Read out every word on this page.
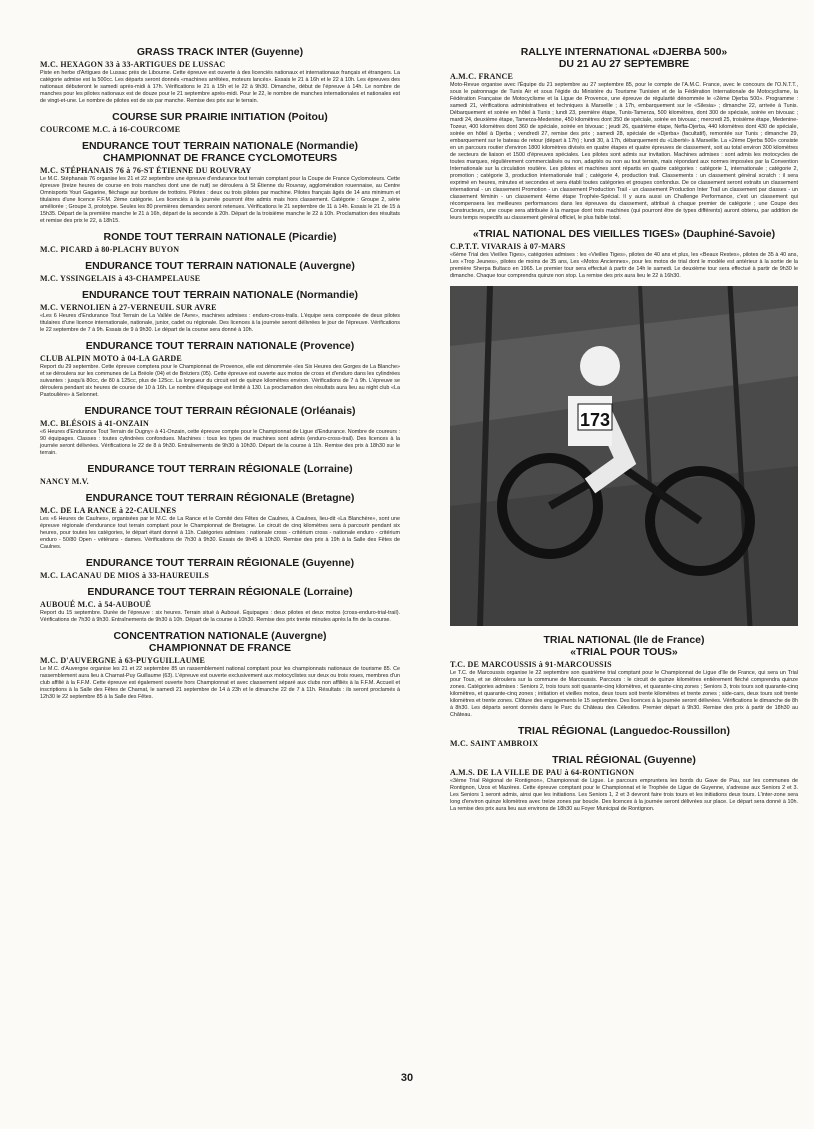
GRASS TRACK INTER (Guyenne)
M.C. HEXAGON 33 à 33-ARTIGUES DE LUSSAC

Piste en herbe d'Artigues de Lussac près de Libourne. Cette épreuve est ouverte à des licenciés nationaux et internationaux français et étrangers. La catégorie admise est la 500cc. Les départs seront donnés «machines arrêtées, moteurs lancés». Essais le 21 à 16h et le 22 à 10h. Les épreuves des nationaux débuteront le samedi après-midi à 17h. Vérifications le 21 à 15h et le 22 à 9h30. Dimanche, début de l'épreuve à 14h. Le nombre de manches pour les pilotes nationaux est de douze pour le 21 septembre après-midi. Pour le 22, le nombre de manches internationales et nationales est de vingt-et-une. Le nombre de pilotes est de six par manche. Remise des prix sur le terrain.

COURSE SUR PRAIRIE INITIATION (Poitou)
COURCOME M.C. à 16-COURCOME
ENDURANCE TOUT TERRAIN NATIONALE (Normandie)
CHAMPIONNAT DE FRANCE CYCLOMOTEURS
M.C. STÉPHANAIS 76 à 76-ST ÉTIENNE DU ROUVRAY

Le M.C. Stéphanais 76 organise les 21 et 22 septembre une épreuve d'endurance tout terrain comptant pour la Coupe de France Cyclomoteurs. Cette épreuve (treize heures de course en trois manches dont une de nuit) se déroulera à St Étienne du Rouvray, agglomération rouennaise, au Centre Omnisports Youri Gagarine, fléchage sur bordure de trottoirs. Pilotes : deux ou trois pilotes par machine. Pilotes français âgés de 14 ans minimum et titulaires d'une licence F.F.M. 2ème catégorie. Les licenciés à la journée pourront être admis mais hors classement. Catégorie : Groupe 2, série améliorée ; Groupe 3, prototype. Seules les 80 premières demandes seront retenues. Vérifications le 21 septembre de 11 à 14h. Essais le 21 de 15 à 15h35. Départ de la première manche le 21 à 16h, départ de la seconde à 20h. Départ de la troisième manche le 22 à 10h. Proclamation des résultats et remise des prix le 22, à 18h15.

RONDE TOUT TERRAIN NATIONALE (Picardie)
M.C. PICARD à 80-PLACHY BUYON
ENDURANCE TOUT TERRAIN NATIONALE (Auvergne)
M.C. YSSINGELAIS à 43-CHAMPELAUSE
ENDURANCE TOUT TERRAIN NATIONALE (Normandie)
M.C. VERNOLIEN à 27-VERNEUIL SUR AVRE

«Les 6 Heures d'Endurance Tout Terrain de La Vallée de l'Avre», machines admises : enduro-cross-trails. L'équipe sera composée de deux pilotes titulaires d'une licence internationale, nationale, junior, cadet ou régionale. Des licences à la journée seront délivrées le jour de l'épreuve. Vérifications le 22 septembre de 7 à 9h. Essais de 9 à 9h30. Le départ de la course sera donné à 10h.

ENDURANCE TOUT TERRAIN NATIONALE (Provence)
CLUB ALPIN MOTO à 04-LA GARDE

Report du 29 septembre. Cette épreuve comptera pour le Championnat de Provence, elle est dénommée «les Six Heures des Gorges de La Blanche» et se déroulera sur les communes de La Bréole (04) et de Bréziers (05). Cette épreuve est ouverte aux motos de cross et d'enduro dans les cylindrées suivantes : jusqu'à 80cc, de 80 à 125cc, plus de 125cc. La longueur du circuit est de quinze kilomètres environ. Vérifications de 7 à 9h. L'épreuve se déroulera pendant six heures de course de 10 à 16h. Le nombre d'équipage est limité à 130. La proclamation des résultats aura lieu au night club «La Pastoulière» à Selonnet.

ENDURANCE TOUT TERRAIN RÉGIONALE (Orléanais)
M.C. BLÉSOIS à 41-ONZAIN

«6 Heures d'Endurance Tout Terrain de Dugny» à 41-Onzain, cette épreuve compte pour le Championnat de Ligue d'Endurance. Nombre de coureurs : 90 équipages. Classes : toutes cylindrées confondues. Machines : tous les types de machines sont admis (enduro-cross-trail). Des licences à la journée seront délivrées. Vérifications le 22 de 8 à 9h30. Entraînements de 9h30 à 10h30. Départ de la course à 11h. Remise des prix à 18h30 sur le terrain.

ENDURANCE TOUT TERRAIN RÉGIONALE (Lorraine)
NANCY M.V.
ENDURANCE TOUT TERRAIN RÉGIONALE (Bretagne)
M.C. DE LA RANCE à 22-CAULNES

Les «6 Heures de Caulnes», organisées par le M.C. de La Rance et le Comité des Fêtes de Caulnes, à Caulnes, lieu-dit «La Blanchère», sont une épreuve régionale d'endurance tout terrain comptant pour le Championnat de Bretagne. Le circuit de cinq kilomètres sera à parcourir pendant six heures, pour toutes les catégories, le départ étant donné à 11h. Catégories admises : nationale cross - critérium cross - nationale enduro - critérium enduro - 50/80 Open - vétérans - dames. Vérifications de 7h30 à 9h30. Essais de 9h45 à 10h30. Remise des prix à 19h à la Salle des Fêtes de Caulnes.

ENDURANCE TOUT TERRAIN RÉGIONALE (Guyenne)
M.C. LACANAU DE MIOS à 33-HAUREUILS
ENDURANCE TOUT TERRAIN RÉGIONALE (Lorraine)
AUBOUÉ M.C. à 54-AUBOUÉ

Report du 15 septembre. Durée de l'épreuve : six heures. Terrain situé à Auboué. Équipages : deux pilotes et deux motos (cross-enduro-trial-trail). Vérifications de 7h30 à 9h30. Entraînements de 9h30 à 10h. Départ de la course à 10h30. Remise des prix trente minutes après la fin de la course.

CONCENTRATION NATIONALE (Auvergne)
CHAMPIONNAT DE FRANCE
M.C. D'AUVERGNE à 63-PUYGUILLAUME

Le M.C. d'Auvergne organise les 21 et 22 septembre 85 un rassemblement national comptant pour les championnats nationaux de tourisme 85. Ce rassemblement aura lieu à Charnat-Puy Guillaume (63). L'épreuve est ouverte exclusivement aux motocyclistes sur deux ou trois roues, membres d'un club affilié à la F.F.M. Cette épreuve est également ouverte hors Championnat et avec classement séparé aux clubs non affiliés à la F.F.M. Accueil et inscriptions à la Salle des Fêtes de Charnat, le samedi 21 septembre de 14 à 23h et le dimanche 22 de 7 à 11h. Résultats : ils seront proclamés à 12h30 le 22 septembre 85 à la Salle des Fêtes.

RALLYE INTERNATIONAL «DJERBA 500»
DU 21 AU 27 SEPTEMBRE
A.M.C. FRANCE

Moto-Revue organise avec l'Équipe du 21 septembre au 27 septembre 85, pour le compte de l'A.M.C. France, avec le concours de l'O.N.T.T., sous le patronnage de Tunis Air et sous l'égide du Ministère du Tourisme Tunisien et de la Fédération Internationale de Motocyclisme, la Fédération Française de Motocyclisme et la Ligue de Provence, une épreuve de régularité dénommée le «2ème Djerba 500». Programme : samedi 21, vérifications administratives et techniques à Marseille ; à 17h, embarquement sur le «Silesia» ; dimanche 22, arrivée à Tunis. Débarquement et soirée en hôtel à Tunis ; lundi 23, première étape, Tunis-Tamerza, 500 kilomètres, dont 300 de spéciale, soirée en bivouac ; mardi 24, deuxième étape, Tamerza-Medenine, 450 kilomètres dont 350 de spéciale, soirée en bivouac ; mercredi 25, troisième étape, Medenine-Tozeur, 400 kilomètres dont 360 de spéciale, soirée en bivouac ; jeudi 26, quatrième étape, Nefta-Djerba, 440 kilomètres dont 430 de spéciale, soirée en hôtel à Djerba ; vendredi 27, remise des prix ; samedi 28, spéciale de «Djerba» (facultatif), remontée sur Tunis ; dimanche 29, embarquement sur le bateau de retour (départ à 17h) ; lundi 30, à 17h, débarquement du «Liberté» à Marseille. La «2ème Djerba 500» consiste en un parcours routier d'environ 1800 kilomètres divisés en quatre étapes et quatre épreuves de classement, soit au total environ 300 kilomètres de secteurs de liaison et 1500 d'épreuves spéciales. Les pilotes sont admis sur invitation. Machines admises : sont admis les motocycles de toutes marques, régulièrement commercialisés ou non, adaptés ou non au tout terrain, mais répondant aux normes imposées par la Convention Internationale sur la circulation routière. Les pilotes et machines sont répartis en quatre catégories : catégorie 1, internationale ; catégorie 2, promotion ; catégorie 3, production internationale trail ; catégorie 4, production trail. Classements : un classement général scratch : il sera exprimé en heures, minutes et secondes et sera établi toutes catégories et groupes confondus. De ce classement seront extraits un classement international - un classement Promotion - un classement Production Trail - un classement Production Inter Trail un classement par classes - un classement féminin - un classement 4ème étape Trophée-Spécial. Il y aura aussi un Challenge Performance, c'est un classement qui récompensera les meilleures performances dans les épreuves du classement, attribué à chaque premier de catégorie ; une Coupe des Constructeurs, une coupe sera attribuée à la marque dont trois machines (qui pourront être de types différents) auront obtenu, par addition de leurs temps respectifs au classement général officiel, le plus faible total.

«TRIAL NATIONAL DES VIEILLES TIGES» (Dauphiné-Savoie)
C.P.T.T. VIVARAIS à 07-MARS

«6ème Trial des Vieilles Tiges», catégories admises : les «Vieilles Tiges», pilotes de 40 ans et plus, les «Beaux Restes», pilotes de 35 à 40 ans, Les «Trop Jeunes», pilotes de moins de 35 ans, Les «Motos Anciennes», pour les motos de trial dont le modèle est antérieur à la sortie de la première Sherpa Bultaco en 1965. Le premier tour sera effectué à partir de 14h le samedi. Le deuxième tour sera effectué à partir de 9h30 le dimanche. Chaque tour comprendra quinze non stop. La remise des prix aura lieu le 22 à 16h30.

173
TRIAL NATIONAL (Ile de France)
«TRIAL POUR TOUS»
T.C. DE MARCOUSSIS à 91-MARCOUSSIS

Le T.C. de Marcoussis organise le 22 septembre son quatrième trial comptant pour le Championnat de Ligue d'Ile de France, qui sera un Trial pour Tous, et se déroulera sur la commune de Marcoussis. Parcours : le circuit de quinze kilomètres entièrement fléché comprendra quinze zones. Catégories admises : Seniors 2, trois tours soit quarante-cinq kilomètres, et quarante-cinq zones ; Seniors 3, trois tours soit quarante-cinq kilomètres, et quarante-cinq zones ; initiation et vieilles motos, deux tours soit trente kilomètres et trente zones ; side-cars, deux tours soit trente kilomètres et trente zones. Clôture des engagements le 15 septembre. Des licences à la journée seront délivrées. Vérifications le dimanche de 8h à 8h30. Les départs seront donnés dans le Parc du Château des Célestins. Premier départ à 9h30. Remise des prix à partir de 18h30 au Château.

TRIAL RÉGIONAL (Languedoc-Roussillon)
M.C. SAINT AMBROIX
TRIAL RÉGIONAL (Guyenne)
A.M.S. DE LA VILLE DE PAU à 64-RONTIGNON

«3ème Trial Régional de Rontignon», Championnat de Ligue. Le parcours empruntera les bords du Gave de Pau, sur les communes de Rontignon, Uzos et Mazères. Cette épreuve comptant pour le Championnat et le Trophée de Ligue de Guyenne, s'adresse aux Seniors 2 et 3. Les Seniors 1 seront admis, ainsi que les initiations. Les Seniors 1, 2 et 3 devront faire trois tours et les initiations deux tours. L'inter-zone sera long d'environ quinze kilomètres avec treize zones par boucle. Des licences à la journée seront délivrées sur place. Le départ sera donné à 10h. La remise des prix aura lieu aux environs de 18h30 au Foyer Municipal de Rontignon.

30
